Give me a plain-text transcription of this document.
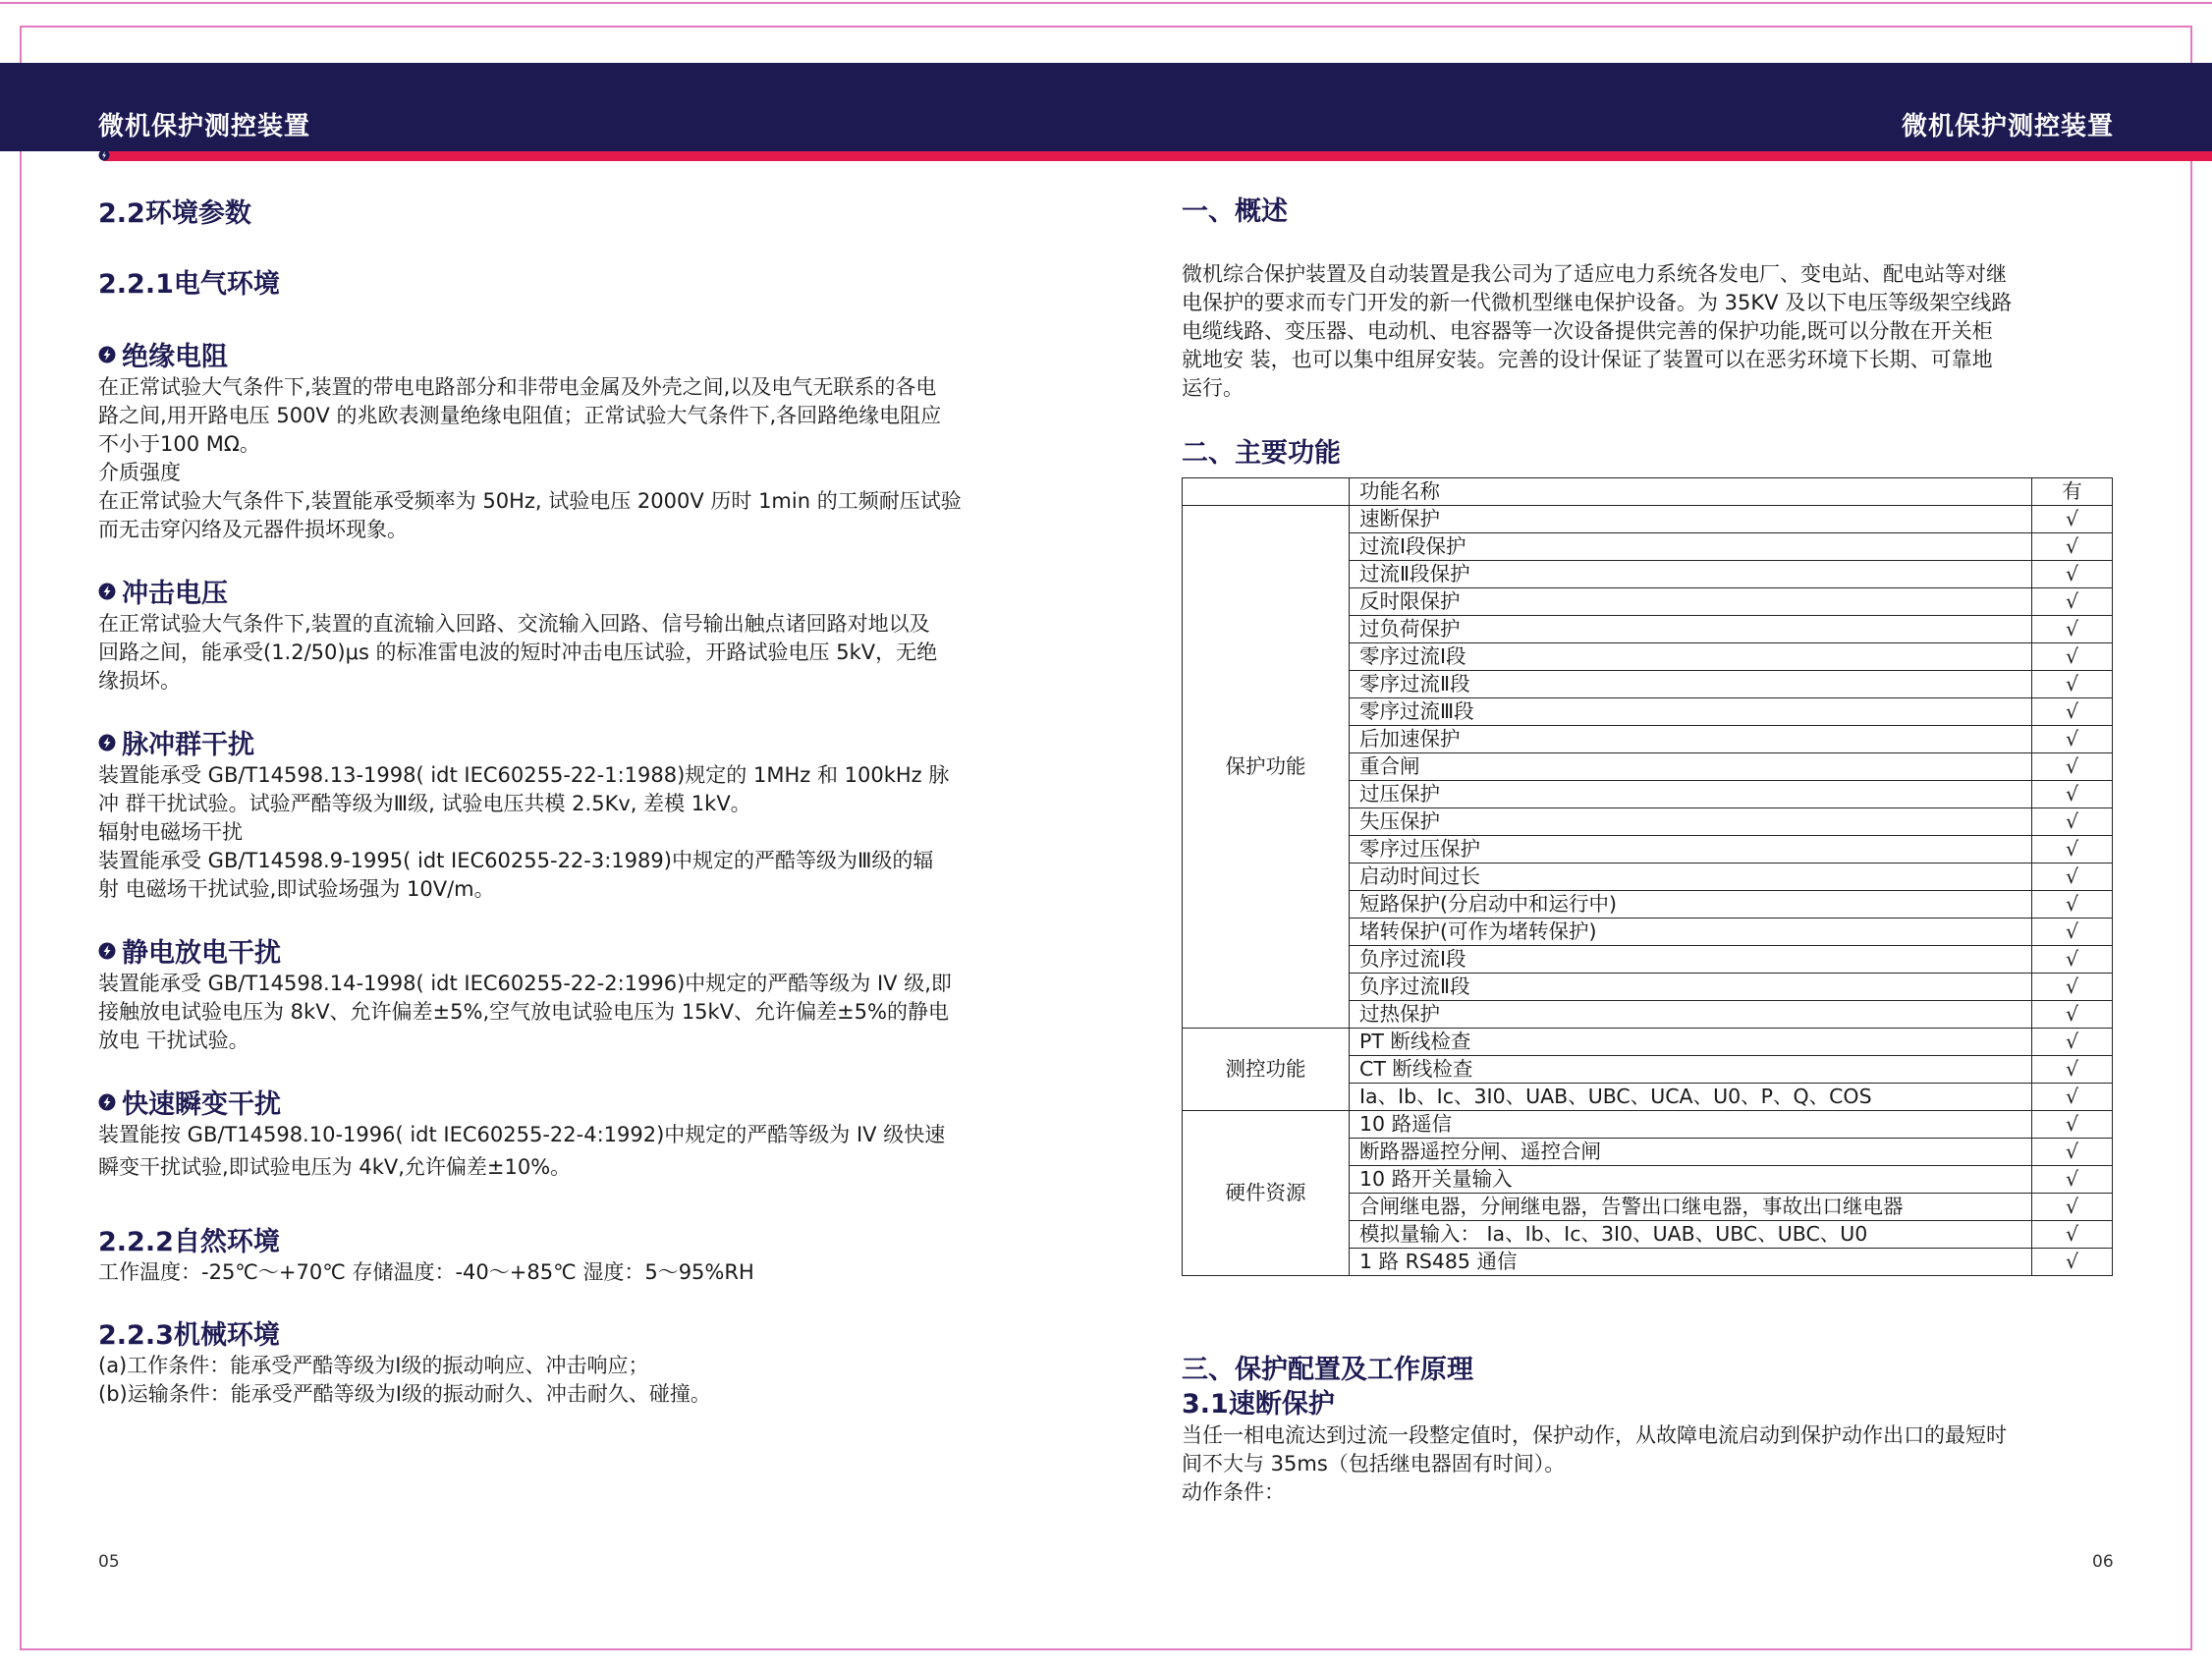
微机保护测控装置	微机保护测控装置

2.2环境参数

2.2.1电气环境

绝缘电阻

在正常试验大气条件下,装置的带电电路部分和非带电金属及外壳之间,以及电气无联系的各电

路之间,用开路电压 500V 的兆欧表测量绝缘电阻值；正常试验大气条件下,各回路绝缘电阻应

不小于100 MΩ。

介质强度

在正常试验大气条件下,装置能承受频率为 50Hz, 试验电压 2000V 历时 1min 的工频耐压试验

而无击穿闪络及元器件损坏现象。

冲击电压

在正常试验大气条件下,装置的直流输入回路、交流输入回路、信号输出触点诸回路对地以及

回路之间，能承受(1.2/50)μs 的标准雷电波的短时冲击电压试验，开路试验电压 5kV，无绝

缘损坏。

脉冲群干扰

装置能承受 GB/T14598.13-1998( idt IEC60255-22-1:1988)规定的 1MHz 和 100kHz 脉

冲 群干扰试验。试验严酷等级为Ⅲ级, 试验电压共模 2.5Kv, 差模 1kV。

辐射电磁场干扰

装置能承受 GB/T14598.9-1995( idt IEC60255-22-3:1989)中规定的严酷等级为Ⅲ级的辐

射 电磁场干扰试验,即试验场强为 10V/m。

静电放电干扰

装置能承受 GB/T14598.14-1998( idt IEC60255-22-2:1996)中规定的严酷等级为 IV 级,即

接触放电试验电压为 8kV、允许偏差±5%,空气放电试验电压为 15kV、允许偏差±5%的静电

放电 干扰试验。

快速瞬变干扰

装置能按 GB/T14598.10-1996( idt IEC60255-22-4:1992)中规定的严酷等级为 IV 级快速

瞬变干扰试验,即试验电压为 4kV,允许偏差±10%。

2.2.2自然环境

工作温度：-25℃～+70℃ 存储温度：-40～+85℃ 湿度：5～95%RH

2.2.3机械环境

(a)工作条件：能承受严酷等级为Ⅰ级的振动响应、冲击响应；

(b)运输条件：能承受严酷等级为Ⅰ级的振动耐久、冲击耐久、碰撞。

05

一、概述

微机综合保护装置及自动装置是我公司为了适应电力系统各发电厂、变电站、配电站等对继

电保护的要求而专门开发的新一代微机型继电保护设备。为 35KV 及以下电压等级架空线路

电缆线路、变压器、电动机、电容器等一次设备提供完善的保护功能,既可以分散在开关柜

就地安 装，也可以集中组屏安装。完善的设计保证了装置可以在恶劣环境下长期、可靠地

运行。

二、主要功能

	功能名称	有
保护功能	速断保护	√
	过流Ⅰ段保护	√
	过流Ⅱ段保护	√
	反时限保护	√
	过负荷保护	√
	零序过流Ⅰ段	√
	零序过流Ⅱ段	√
	零序过流Ⅲ段	√
	后加速保护	√
	重合闸	√
	过压保护	√
	失压保护	√
	零序过压保护	√
	启动时间过长	√
	短路保护(分启动中和运行中)	√
	堵转保护(可作为堵转保护)	√
	负序过流Ⅰ段	√
	负序过流Ⅱ段	√
	过热保护	√
测控功能	PT 断线检查	√
	CT 断线检查	√
	Ia、Ib、Ic、3I0、UAB、UBC、UCA、U0、P、Q、COS	√
硬件资源	10 路遥信	√
	断路器遥控分闸、遥控合闸	√
	10 路开关量输入	√
	合闸继电器，分闸继电器，告警出口继电器，事故出口继电器	√
	模拟量输入： Ia、Ib、Ic、3I0、UAB、UBC、UBC、U0	√
	1 路 RS485 通信	√

三、保护配置及工作原理

3.1速断保护

当任一相电流达到过流一段整定值时，保护动作，从故障电流启动到保护动作出口的最短时

间不大与 35ms（包括继电器固有时间）。

动作条件：

06
